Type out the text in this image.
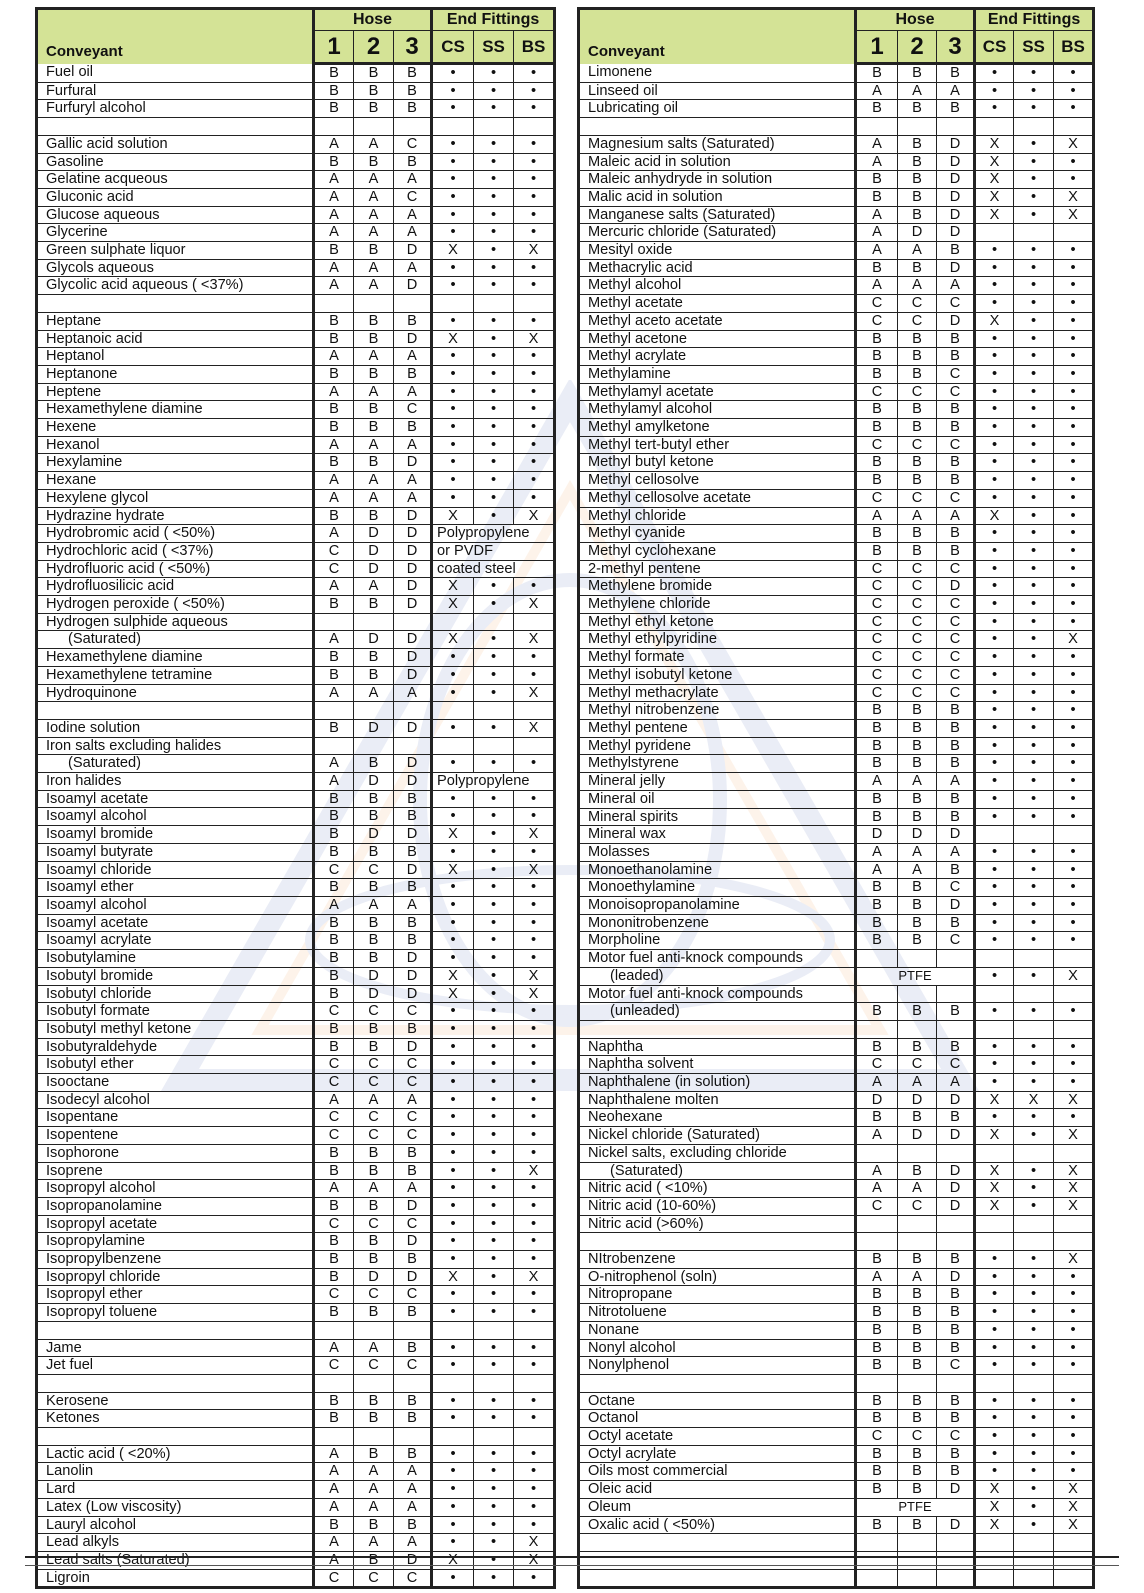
Conveyant	Hose			End Fittings		
	1	2	3	CS	SS	BS
Fuel oil	B	B	B	•	•	•
Furfural	B	B	B	•	•	•
Furfuryl alcohol	B	B	B	•	•	•

Gallic acid solution	A	A	C	•	•	•
Gasoline	B	B	B	•	•	•
Gelatine acqueous	A	A	A	•	•	•
Gluconic acid	A	A	C	•	•	•
Glucose aqueous	A	A	A	•	•	•
Glycerine	A	A	A	•	•	•
Green sulphate liquor	B	B	D	X	•	X
Glycols aqueous	A	A	A	•	•	•
Glycolic acid aqueous ( <37%)	A	A	D	•	•	•

Heptane	B	B	B	•	•	•
Heptanoic acid	B	B	D	X	•	X
Heptanol	A	A	A	•	•	•
Heptanone	B	B	B	•	•	•
Heptene	A	A	A	•	•	•
Hexamethylene diamine	B	B	C	•	•	•
Hexene	B	B	B	•	•	•
Hexanol	A	A	A	•	•	•
Hexylamine	B	B	D	•	•	•
Hexane	A	A	A	•	•	•
Hexylene glycol	A	A	A	•	•	•
Hydrazine hydrate	B	B	D	X	•	X
Hydrobromic acid ( <50%)	A	D	D	Polypropylene		
Hydrochloric acid ( <37%)	C	D	D	or PVDF		
Hydrofluoric acid ( <50%)	C	D	D	coated steel		
Hydrofluosilicic acid	A	A	D	X	•	•
Hydrogen peroxide ( <50%)	B	B	D	X	•	X
Hydrogen sulphide aqueous						
(Saturated)	A	D	D	X	•	X
Hexamethylene diamine	B	B	D	•	•	•
Hexamethylene tetramine	B	B	D	•	•	•
Hydroquinone	A	A	A	•	•	X

Iodine solution	B	D	D	•	•	X
Iron salts excluding halides						
(Saturated)	A	B	D	•	•	•
Iron halides	A	D	D	Polypropylene		
Isoamyl acetate	B	B	B	•	•	•
Isoamyl alcohol	B	B	B	•	•	•
Isoamyl bromide	B	D	D	X	•	X
Isoamyl butyrate	B	B	B	•	•	•
Isoamyl chloride	C	C	D	X	•	X
Isoamyl ether	B	B	B	•	•	•
Isoamyl alcohol	A	A	A	•	•	•
Isoamyl acetate	B	B	B	•	•	•
Isoamyl acrylate	B	B	B	•	•	•
Isobutylamine	B	B	D	•	•	•
Isobutyl bromide	B	D	D	X	•	X
Isobutyl chloride	B	D	D	X	•	X
Isobutyl formate	C	C	C	•	•	•
Isobutyl methyl ketone	B	B	B	•	•	•
Isobutyraldehyde	B	B	D	•	•	•
Isobutyl ether	C	C	C	•	•	•
Isooctane	C	C	C	•	•	•
Isodecyl alcohol	A	A	A	•	•	•
Isopentane	C	C	C	•	•	•
Isopentene	C	C	C	•	•	•
Isophorone	B	B	B	•	•	•
Isoprene	B	B	B	•	•	X
Isopropyl alcohol	A	A	A	•	•	•
Isopropanolamine	B	B	D	•	•	•
Isopropyl acetate	C	C	C	•	•	•
Isopropylamine	B	B	D	•	•	•
Isopropylbenzene	B	B	B	•	•	•
Isopropyl chloride	B	D	D	X	•	X
Isopropyl ether	C	C	C	•	•	•
Isopropyl toluene	B	B	B	•	•	•

Jame	A	A	B	•	•	•
Jet fuel	C	C	C	•	•	•

Kerosene	B	B	B	•	•	•
Ketones	B	B	B	•	•	•

Lactic acid ( <20%)	A	B	B	•	•	•
Lanolin	A	A	A	•	•	•
Lard	A	A	A	•	•	•
Latex (Low viscosity)	A	A	A	•	•	•
Lauryl alcohol	B	B	B	•	•	•
Lead alkyls	A	A	A	•	•	X
Lead salts (Saturated)	A	B	D	X	•	X
Ligroin	C	C	C	•	•	•
Conveyant	Hose			End Fittings		
	1	2	3	CS	SS	BS
Limonene	B	B	B	•	•	•
Linseed oil	A	A	A	•	•	•
Lubricating oil	B	B	B	•	•	•

Magnesium salts (Saturated)	A	B	D	X	•	X
Maleic acid in solution	A	B	D	X	•	•
Maleic anhydryde in solution	B	B	D	X	•	•
Malic acid in solution	B	B	D	X	•	X
Manganese salts (Saturated)	A	B	D	X	•	X
Mercuric chloride (Saturated)	A	D	D			
Mesityl oxide	A	A	B	•	•	•
Methacrylic acid	B	B	D	•	•	•
Methyl alcohol	A	A	A	•	•	•
Methyl acetate	C	C	C	•	•	•
Methyl aceto acetate	C	C	D	X	•	•
Methyl acetone	B	B	B	•	•	•
Methyl acrylate	B	B	B	•	•	•
Methylamine	B	B	C	•	•	•
Methylamyl acetate	C	C	C	•	•	•
Methylamyl alcohol	B	B	B	•	•	•
Methyl amylketone	B	B	B	•	•	•
Methyl tert-butyl ether	C	C	C	•	•	•
Methyl butyl ketone	B	B	B	•	•	•
Methyl cellosolve	B	B	B	•	•	•
Methyl cellosolve acetate	C	C	C	•	•	•
Methyl chloride	A	A	A	X	•	•
Methyl cyanide	B	B	B	•	•	•
Methyl cyclohexane	B	B	B	•	•	•
2-methyl pentene	C	C	C	•	•	•
Methylene bromide	C	C	D	•	•	•
Methylene chloride	C	C	C	•	•	•
Methyl ethyl ketone	C	C	C	•	•	•
Methyl ethylpyridine	C	C	C	•	•	X
Methyl formate	C	C	C	•	•	•
Methyl isobutyl ketone	C	C	C	•	•	•
Methyl methacrylate	C	C	C	•	•	•
Methyl nitrobenzene	B	B	B	•	•	•
Methyl pentene	B	B	B	•	•	•
Methyl pyridene	B	B	B	•	•	•
Methylstyrene	B	B	B	•	•	•
Mineral jelly	A	A	A	•	•	•
Mineral oil	B	B	B	•	•	•
Mineral spirits	B	B	B	•	•	•
Mineral wax	D	D	D			
Molasses	A	A	A	•	•	•
Monoethanolamine	A	A	B	•	•	•
Monoethylamine	B	B	C	•	•	•
Monoisopropanolamine	B	B	D	•	•	•
Mononitrobenzene	B	B	B	•	•	•
Morpholine	B	B	C	•	•	•
Motor fuel anti-knock compounds						
(leaded)	PTFE			•	•	X
Motor fuel anti-knock compounds						
(unleaded)	B	B	B	•	•	•

Naphtha	B	B	B	•	•	•
Naphtha solvent	C	C	C	•	•	•
Naphthalene (in solution)	A	A	A	•	•	•
Naphthalene molten	D	D	D	X	X	X
Neohexane	B	B	B	•	•	•
Nickel chloride (Saturated)	A	D	D	X	•	X
Nickel salts, excluding chloride						
(Saturated)	A	B	D	X	•	X
Nitric acid ( <10%)	A	A	D	X	•	X
Nitric acid (10-60%)	C	C	D	X	•	X
Nitric acid (>60%)						

NItrobenzene	B	B	B	•	•	X
O-nitrophenol (soln)	A	A	D	•	•	•
Nitropropane	B	B	B	•	•	•
Nitrotoluene	B	B	B	•	•	•
Nonane	B	B	B	•	•	•
Nonyl alcohol	B	B	B	•	•	•
Nonylphenol	B	B	C	•	•	•

Octane	B	B	B	•	•	•
Octanol	B	B	B	•	•	•
Octyl acetate	C	C	C	•	•	•
Octyl acrylate	B	B	B	•	•	•
Oils most commercial	B	B	B	•	•	•
Oleic acid	B	B	D	X	•	X
Oleum	PTFE			X	•	X
Oxalic acid ( <50%)	B	B	D	X	•	X
